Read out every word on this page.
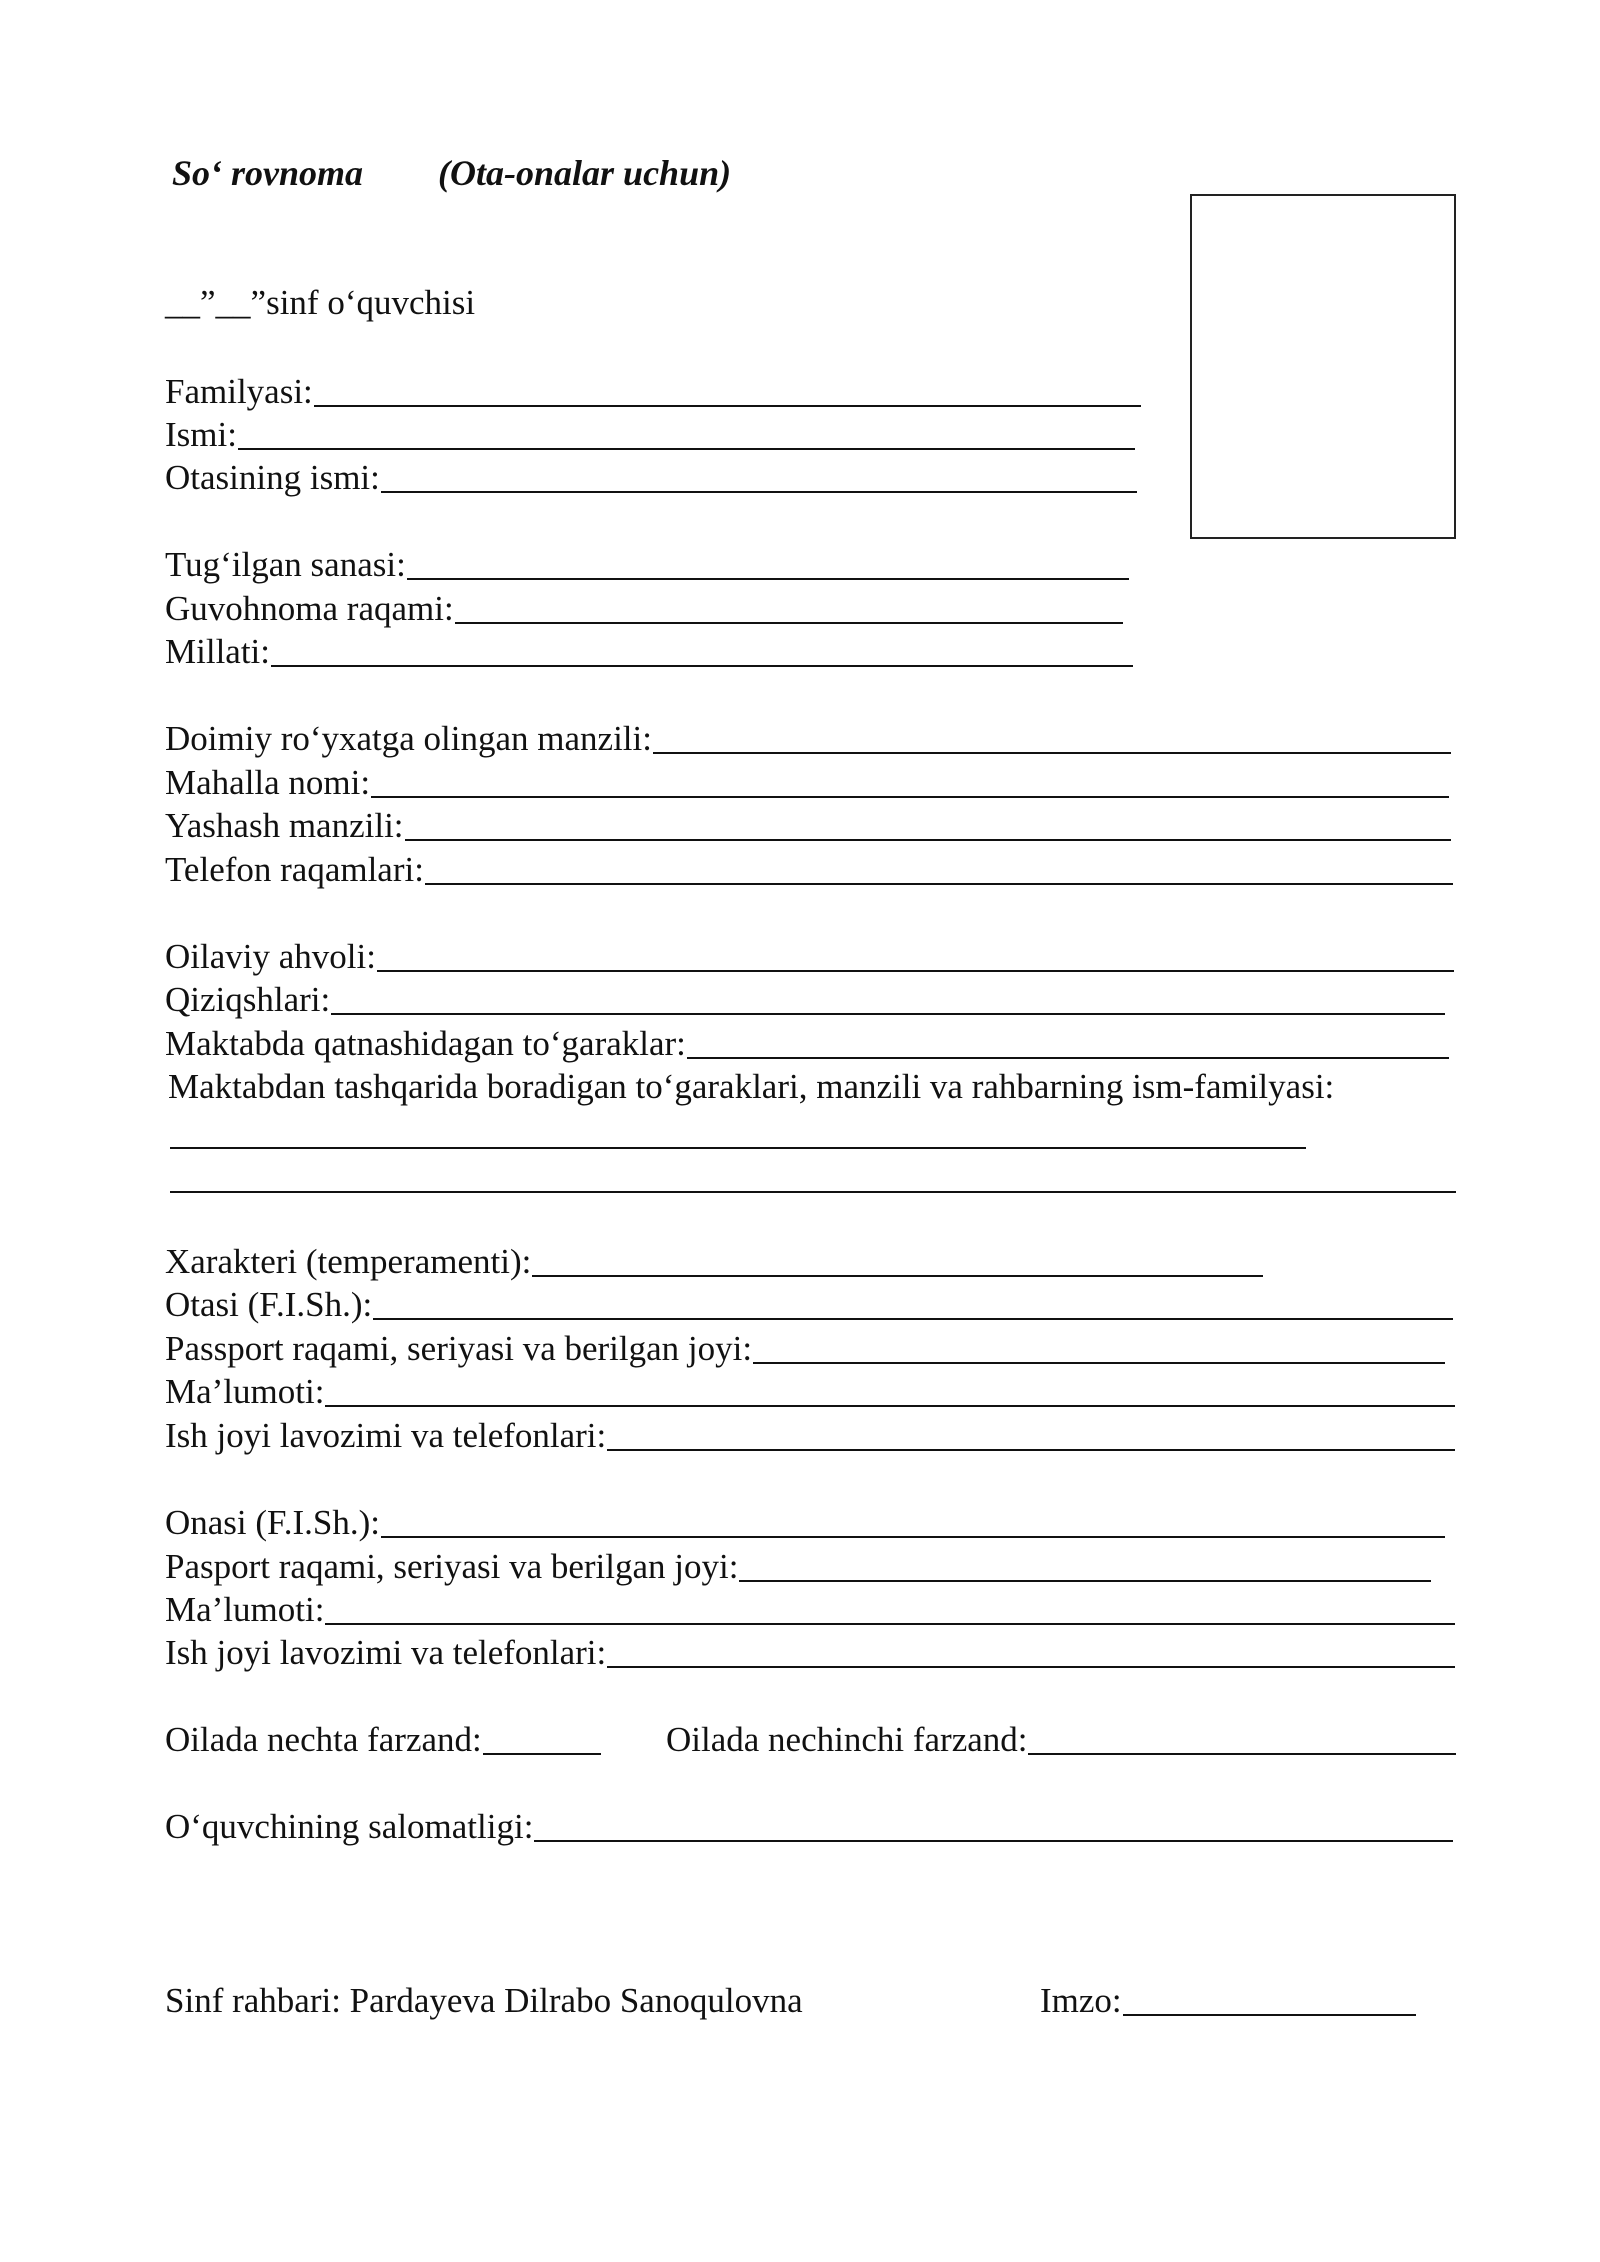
So‘ rovnoma (Ota-onalar uchun)
__”__”sinf o‘quvchisi
Familyasi:
Ismi:
Otasining ismi:
Tug‘ilgan sanasi:
Guvohnoma raqami:
Millati:
Doimiy ro‘yxatga olingan manzili:
Mahalla nomi:
Yashash manzili:
Telefon raqamlari:
Oilaviy ahvoli:
Qiziqshlari:
Maktabda qatnashidagan to‘garaklar:
Maktabdan tashqarida boradigan to‘garaklari, manzili va rahbarning ism-familyasi:
Xarakteri (temperamenti):
Otasi (F.I.Sh.):
Passport raqami, seriyasi va berilgan joyi:
Ma’lumoti:
Ish joyi lavozimi va telefonlari:
Onasi (F.I.Sh.):
Pasport raqami, seriyasi va berilgan joyi:
Ma’lumoti:
Ish joyi lavozimi va telefonlari:
Oilada nechta farzand:	Oilada nechinchi farzand:
O‘quvchining salomatligi:
Sinf rahbari: Pardayeva Dilrabo Sanoqulovna	Imzo:
